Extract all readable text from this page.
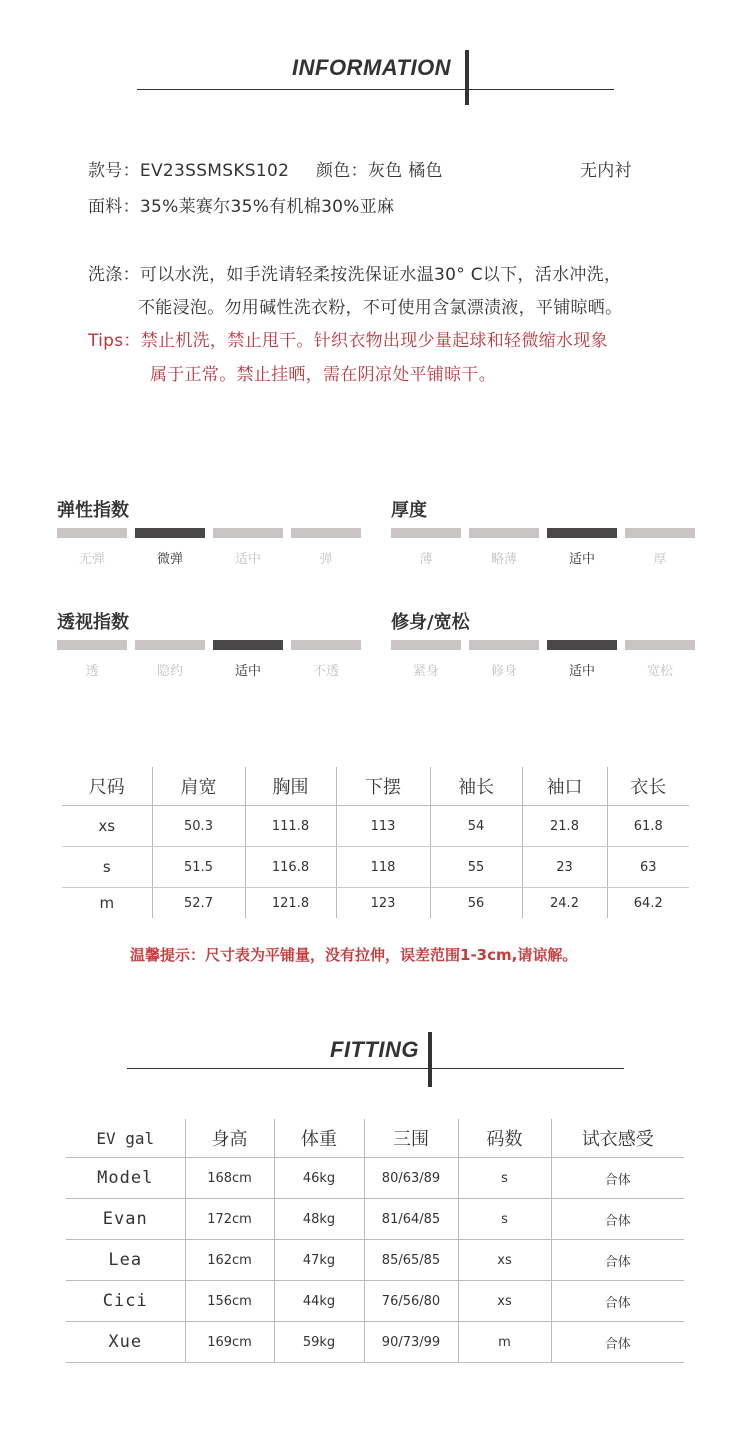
INFORMATION
款号：EV23SSMSKS102 颜色：灰色 橘色	无内衬
面料：35%莱赛尔35%有机棉30%亚麻
洗涤：可以水洗，如手洗请轻柔按洗保证水温30° C以下，活水冲洗，
不能浸泡。勿用碱性洗衣粉，不可使用含氯漂渍液，平铺晾晒。
Tips：禁止机洗，禁止甩干。针织衣物出现少量起球和轻微缩水现象
属于正常。禁止挂晒，需在阴凉处平铺晾干。
弹性指数
无弹	微弹	适中	弹
厚度
薄	略薄	适中	厚
透视指数
透	隐约	适中	不透
修身/宽松
紧身	修身	适中	宽松
尺码	肩宽	胸围	下摆	袖长	袖口	衣长
xs	50.3	111.8	113	54	21.8	61.8
s	51.5	116.8	118	55	23	63
m	52.7	121.8	123	56	24.2	64.2
温馨提示：尺寸表为平铺量，没有拉伸，误差范围1-3cm,请谅解。
FITTING
EV gal	身高	体重	三围	码数	试衣感受
Model	168cm	46kg	80/63/89	s	合体
Evan	172cm	48kg	81/64/85	s	合体
Lea	162cm	47kg	85/65/85	xs	合体
Cici	156cm	44kg	76/56/80	xs	合体
Xue	169cm	59kg	90/73/99	m	合体
